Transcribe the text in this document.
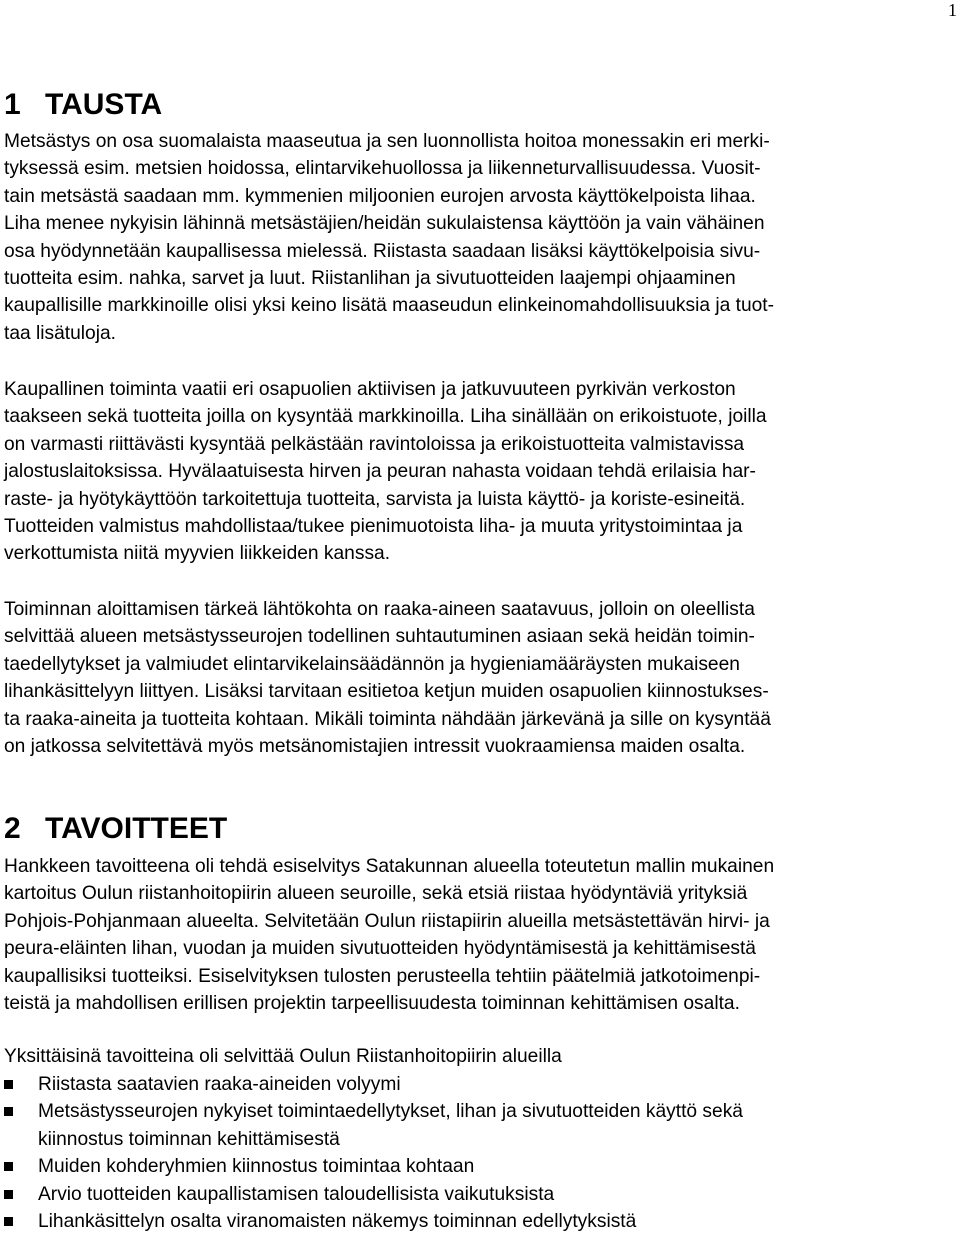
1
1 TAUSTA

Metsästys on osa suomalaista maaseutua ja sen luonnollista hoitoa monessakin eri merki-
tyksessä esim. metsien hoidossa, elintarvikehuollossa ja liikenneturvallisuudessa. Vuosit-
tain metsästä saadaan mm. kymmenien miljoonien eurojen arvosta käyttökelpoista lihaa.
Liha menee nykyisin lähinnä metsästäjien/heidän sukulaistensa käyttöön ja vain vähäinen
osa hyödynnetään kaupallisessa mielessä. Riistasta saadaan lisäksi käyttökelpoisia sivu-
tuotteita esim. nahka, sarvet ja luut. Riistanlihan ja sivutuotteiden laajempi ohjaaminen
kaupallisille markkinoille olisi yksi keino lisätä maaseudun elinkeinomahdollisuuksia ja tuot-
taa lisätuloja.

Kaupallinen toiminta vaatii eri osapuolien aktiivisen ja jatkuvuuteen pyrkivän verkoston
taakseen sekä tuotteita joilla on kysyntää markkinoilla. Liha sinällään on erikoistuote, joilla
on varmasti riittävästi kysyntää pelkästään ravintoloissa ja erikoistuotteita valmistavissa
jalostuslaitoksissa. Hyvälaatuisesta hirven ja peuran nahasta voidaan tehdä erilaisia har-
raste- ja hyötykäyttöön tarkoitettuja tuotteita, sarvista ja luista käyttö- ja koriste-esineitä.
Tuotteiden valmistus mahdollistaa/tukee pienimuotoista liha- ja muuta yritystoimintaa ja
verkottumista niitä myyvien liikkeiden kanssa.

Toiminnan aloittamisen tärkeä lähtökohta on raaka-aineen saatavuus, jolloin on oleellista
selvittää alueen metsästysseurojen todellinen suhtautuminen asiaan sekä heidän toimin-
taedellytykset ja valmiudet elintarvikelainsäädännön ja hygieniamääräysten mukaiseen
lihankäsittelyyn liittyen. Lisäksi tarvitaan esitietoa ketjun muiden osapuolien kiinnostukses-
ta raaka-aineita ja tuotteita kohtaan. Mikäli toiminta nähdään järkevänä ja sille on kysyntää
on jatkossa selvitettävä myös metsänomistajien intressit vuokraamiensa maiden osalta.

2 TAVOITTEET

Hankkeen tavoitteena oli tehdä esiselvitys Satakunnan alueella toteutetun mallin mukainen
kartoitus Oulun riistanhoitopiirin alueen seuroille, sekä etsiä riistaa hyödyntäviä yrityksiä
Pohjois-Pohjanmaan alueelta. Selvitetään Oulun riistapiirin alueilla metsästettävän hirvi- ja
peura-eläinten lihan, vuodan ja muiden sivutuotteiden hyödyntämisestä ja kehittämisestä
kaupallisiksi tuotteiksi. Esiselvityksen tulosten perusteella tehtiin päätelmiä jatkotoimenpi-
teistä ja mahdollisen erillisen projektin tarpeellisuudesta toiminnan kehittämisen osalta.

Yksittäisinä tavoitteina oli selvittää Oulun Riistanhoitopiirin alueilla

Riistasta saatavien raaka-aineiden volyymi
Metsästysseurojen nykyiset toimintaedellytykset, lihan ja sivutuotteiden käyttö sekä
kiinnostus toiminnan kehittämisestä
Muiden kohderyhmien kiinnostus toimintaa kohtaan
Arvio tuotteiden kaupallistamisen taloudellisista vaikutuksista
Lihankäsittelyn osalta viranomaisten näkemys toiminnan edellytyksistä
